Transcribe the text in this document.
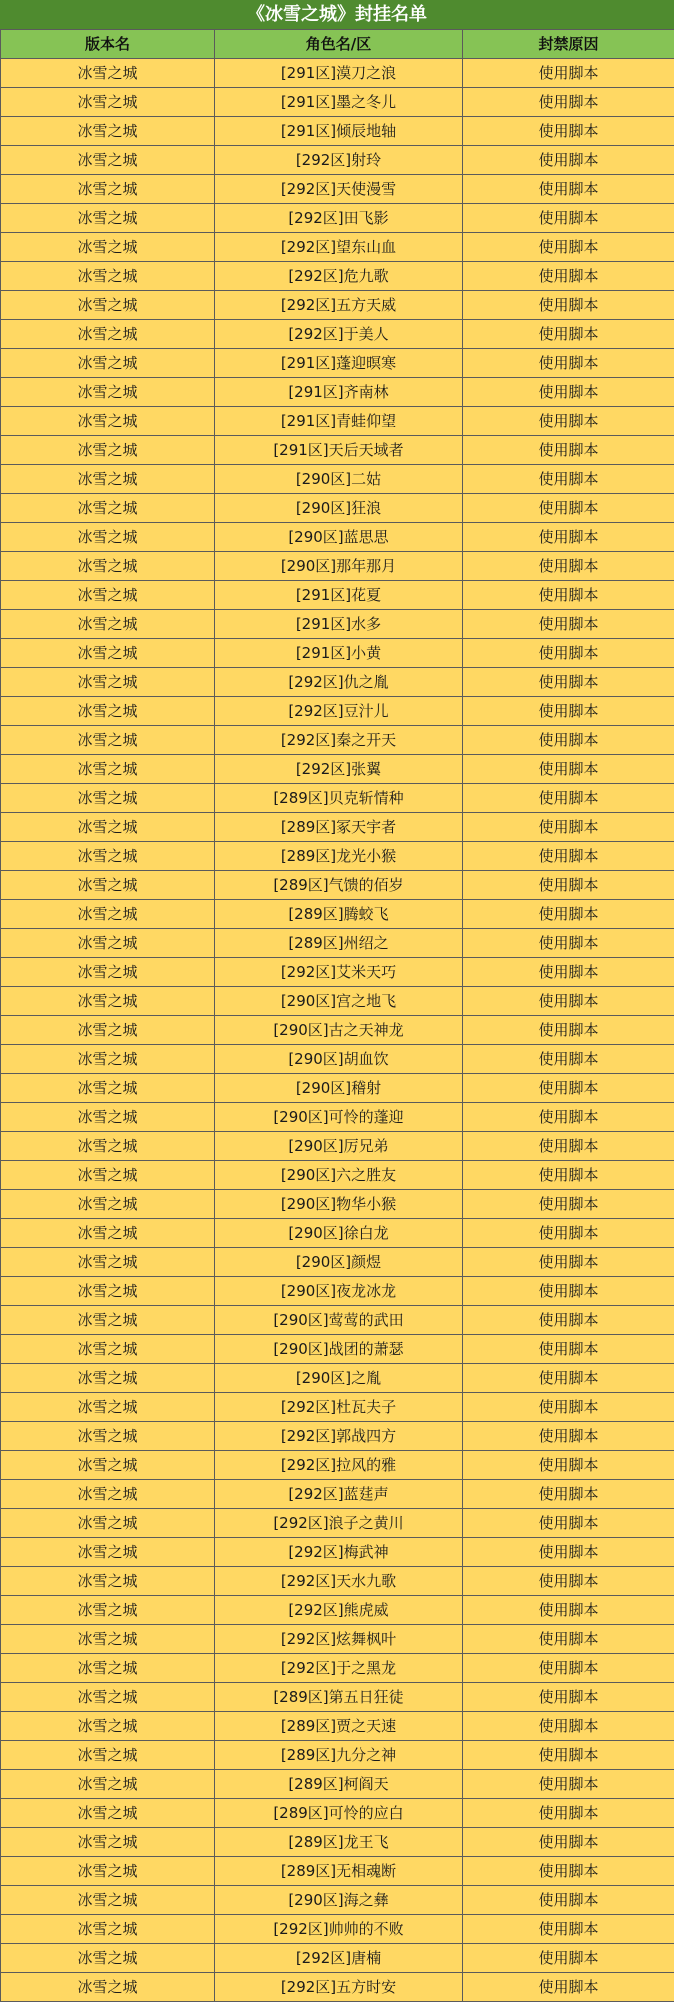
《冰雪之城》封挂名单
版本名	角色名/区	封禁原因
冰雪之城	[291区]漠刀之浪	使用脚本
冰雪之城	[291区]墨之冬儿	使用脚本
冰雪之城	[291区]倾辰地轴	使用脚本
冰雪之城	[292区]射玲	使用脚本
冰雪之城	[292区]天使漫雪	使用脚本
冰雪之城	[292区]田飞影	使用脚本
冰雪之城	[292区]望东山血	使用脚本
冰雪之城	[292区]危九歌	使用脚本
冰雪之城	[292区]五方天威	使用脚本
冰雪之城	[292区]于美人	使用脚本
冰雪之城	[291区]蓬迎暝寒	使用脚本
冰雪之城	[291区]齐南林	使用脚本
冰雪之城	[291区]青蛙仰望	使用脚本
冰雪之城	[291区]天后天域者	使用脚本
冰雪之城	[290区]二姑	使用脚本
冰雪之城	[290区]狂浪	使用脚本
冰雪之城	[290区]蓝思思	使用脚本
冰雪之城	[290区]那年那月	使用脚本
冰雪之城	[291区]花夏	使用脚本
冰雪之城	[291区]水多	使用脚本
冰雪之城	[291区]小黄	使用脚本
冰雪之城	[292区]仇之胤	使用脚本
冰雪之城	[292区]豆汁儿	使用脚本
冰雪之城	[292区]秦之开天	使用脚本
冰雪之城	[292区]张翼	使用脚本
冰雪之城	[289区]贝克斩情种	使用脚本
冰雪之城	[289区]冢天宇者	使用脚本
冰雪之城	[289区]龙光小猴	使用脚本
冰雪之城	[289区]气馈的佰岁	使用脚本
冰雪之城	[289区]腾蛟飞	使用脚本
冰雪之城	[289区]州绍之	使用脚本
冰雪之城	[292区]艾米天巧	使用脚本
冰雪之城	[290区]宫之地飞	使用脚本
冰雪之城	[290区]古之天神龙	使用脚本
冰雪之城	[290区]胡血饮	使用脚本
冰雪之城	[290区]稽射	使用脚本
冰雪之城	[290区]可怜的蓬迎	使用脚本
冰雪之城	[290区]厉兄弟	使用脚本
冰雪之城	[290区]六之胜友	使用脚本
冰雪之城	[290区]物华小猴	使用脚本
冰雪之城	[290区]徐白龙	使用脚本
冰雪之城	[290区]颜煜	使用脚本
冰雪之城	[290区]夜龙冰龙	使用脚本
冰雪之城	[290区]莺莺的武田	使用脚本
冰雪之城	[290区]战团的萧瑟	使用脚本
冰雪之城	[290区]之胤	使用脚本
冰雪之城	[292区]杜瓦夫子	使用脚本
冰雪之城	[292区]郭战四方	使用脚本
冰雪之城	[292区]拉风的雅	使用脚本
冰雪之城	[292区]蓝莛声	使用脚本
冰雪之城	[292区]浪子之黄川	使用脚本
冰雪之城	[292区]梅武神	使用脚本
冰雪之城	[292区]天水九歌	使用脚本
冰雪之城	[292区]熊虎威	使用脚本
冰雪之城	[292区]炫舞枫叶	使用脚本
冰雪之城	[292区]于之黑龙	使用脚本
冰雪之城	[289区]第五日狂徒	使用脚本
冰雪之城	[289区]贾之天速	使用脚本
冰雪之城	[289区]九分之神	使用脚本
冰雪之城	[289区]柯阎天	使用脚本
冰雪之城	[289区]可怜的应白	使用脚本
冰雪之城	[289区]龙王飞	使用脚本
冰雪之城	[289区]无相魂断	使用脚本
冰雪之城	[290区]海之彝	使用脚本
冰雪之城	[292区]帅帅的不败	使用脚本
冰雪之城	[292区]唐楠	使用脚本
冰雪之城	[292区]五方时安	使用脚本
